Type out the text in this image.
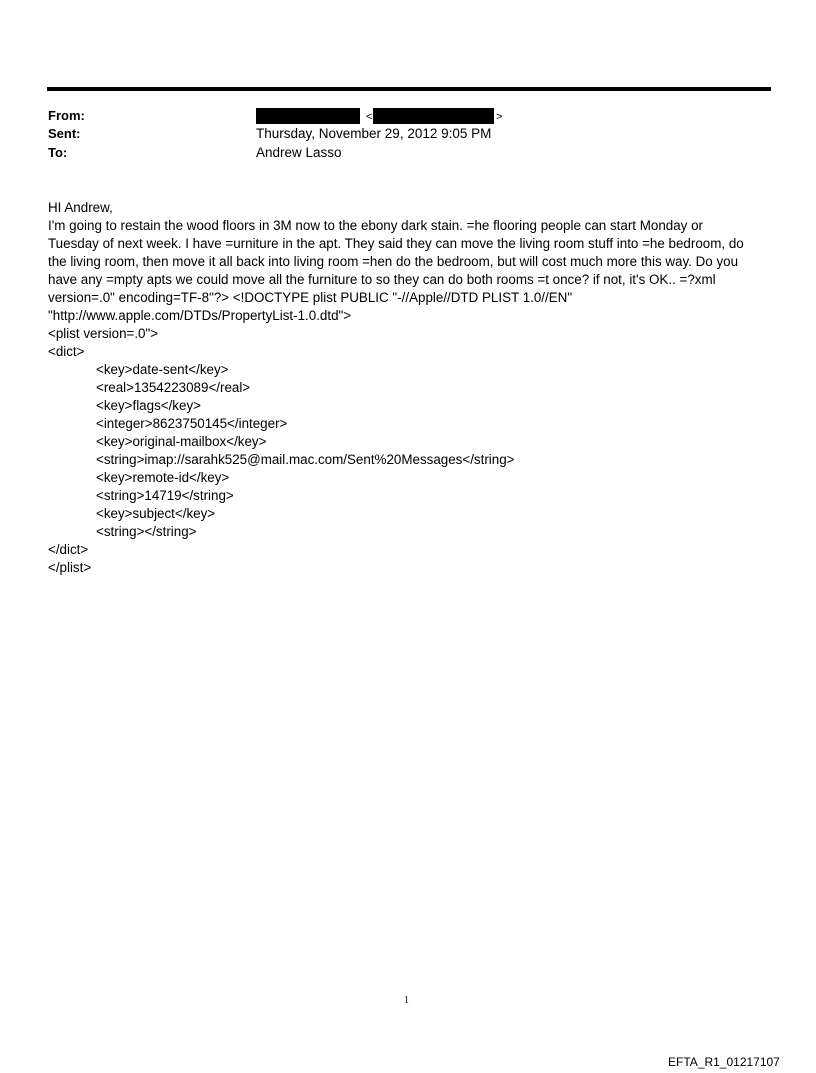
From:
Sent:
To:
<	>
Thursday, November 29, 2012 9:05 PM
Andrew Lasso

HI Andrew,

I'm going to restain the wood floors in 3M now to the ebony dark stain. =he flooring people can start Monday or

Tuesday of next week. I have =urniture in the apt. They said they can move the living room stuff into =he bedroom, do

the living room, then move it all back into living room =hen do the bedroom, but will cost much more this way. Do you

have any =mpty apts we could move all the furniture to so they can do both rooms =t once? if not, it's OK.. =?xml

version=.0" encoding=TF-8"?> <!DOCTYPE plist PUBLIC "-//Apple//DTD PLIST 1.0//EN"

"http://www.apple.com/DTDs/PropertyList-1.0.dtd">

<plist version=.0">

<dict>

<key>date-sent</key>

<real>1354223089</real>

<key>flags</key>

<integer>8623750145</integer>

<key>original-mailbox</key>

<string>imap://sarahk525@mail.mac.com/Sent%20Messages</string>

<key>remote-id</key>

<string>14719</string>

<key>subject</key>

<string></string>

</dict>

</plist>

1
EFTA_R1_01217107
